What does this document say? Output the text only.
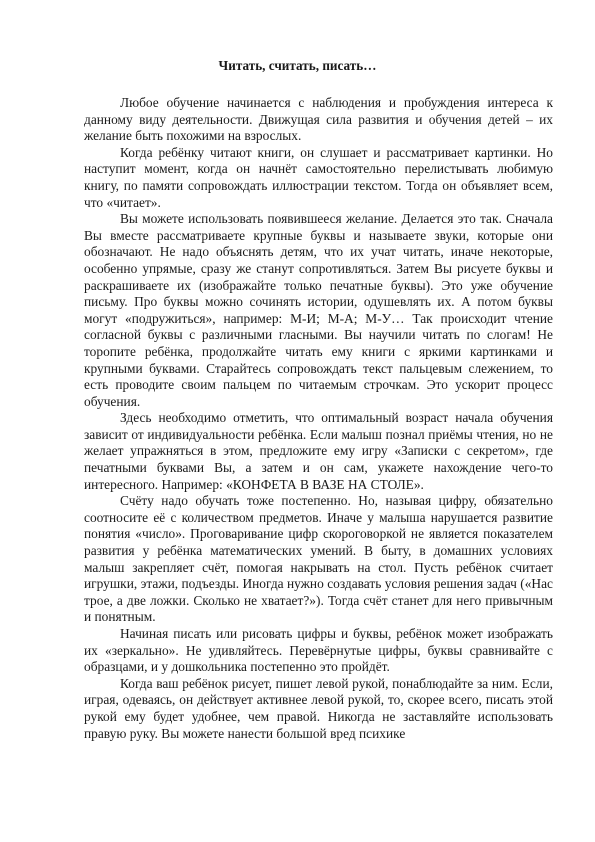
Читать, считать, писать…

Любое обучение начинается с наблюдения и пробуждения интереса к данному виду деятельности. Движущая сила развития и обучения детей – их желание быть похожими на взрослых.

Когда ребёнку читают книги, он слушает и рассматривает картинки. Но наступит момент, когда он начнёт самостоятельно перелистывать любимую книгу, по памяти сопровождать иллюстрации текстом. Тогда он объявляет всем, что «читает».

Вы можете использовать появившееся желание. Делается это так. Сначала Вы вместе рассматриваете крупные буквы и называете звуки, которые они обозначают. Не надо объяснять детям, что их учат читать, иначе некоторые, особенно упрямые, сразу же станут сопротивляться. Затем Вы рисуете буквы и раскрашиваете их (изображайте только печатные буквы). Это уже обучение письму. Про буквы можно сочинять истории, одушевлять их. А потом буквы могут «подружиться», например: М-И; М-А; М-У… Так происходит чтение согласной буквы с различными гласными. Вы научили читать по слогам! Не торопите ребёнка, продолжайте читать ему книги с яркими картинками и крупными буквами. Старайтесь сопровождать текст пальцевым слежением, то есть проводите своим пальцем по читаемым строчкам. Это ускорит процесс обучения.

Здесь необходимо отметить, что оптимальный возраст начала обучения зависит от индивидуальности ребёнка. Если малыш познал приёмы чтения, но не желает упражняться в этом, предложите ему игру «Записки с секретом», где печатными буквами Вы, а затем и он сам, укажете нахождение чего-то интересного. Например: «КОНФЕТА В ВАЗЕ НА СТОЛЕ».

Счёту надо обучать тоже постепенно. Но, называя цифру, обязательно соотносите её с количеством предметов. Иначе у малыша нарушается развитие понятия «число». Проговаривание цифр скороговоркой не является показателем развития у ребёнка математических умений. В быту, в домашних условиях малыш закрепляет счёт, помогая накрывать на стол. Пусть ребёнок считает игрушки, этажи, подъезды. Иногда нужно создавать условия решения задач («Нас трое, а две ложки. Сколько не хватает?»). Тогда счёт станет для него привычным и понятным.

Начиная писать или рисовать цифры и буквы, ребёнок может изображать их «зеркально». Не удивляйтесь. Перевёрнутые цифры, буквы сравнивайте с образцами, и у дошкольника постепенно это пройдёт.

Когда ваш ребёнок рисует, пишет левой рукой, понаблюдайте за ним. Если, играя, одеваясь, он действует активнее левой рукой, то, скорее всего, писать этой рукой ему будет удобнее, чем правой. Никогда не заставляйте использовать правую руку. Вы можете нанести большой вред психике
